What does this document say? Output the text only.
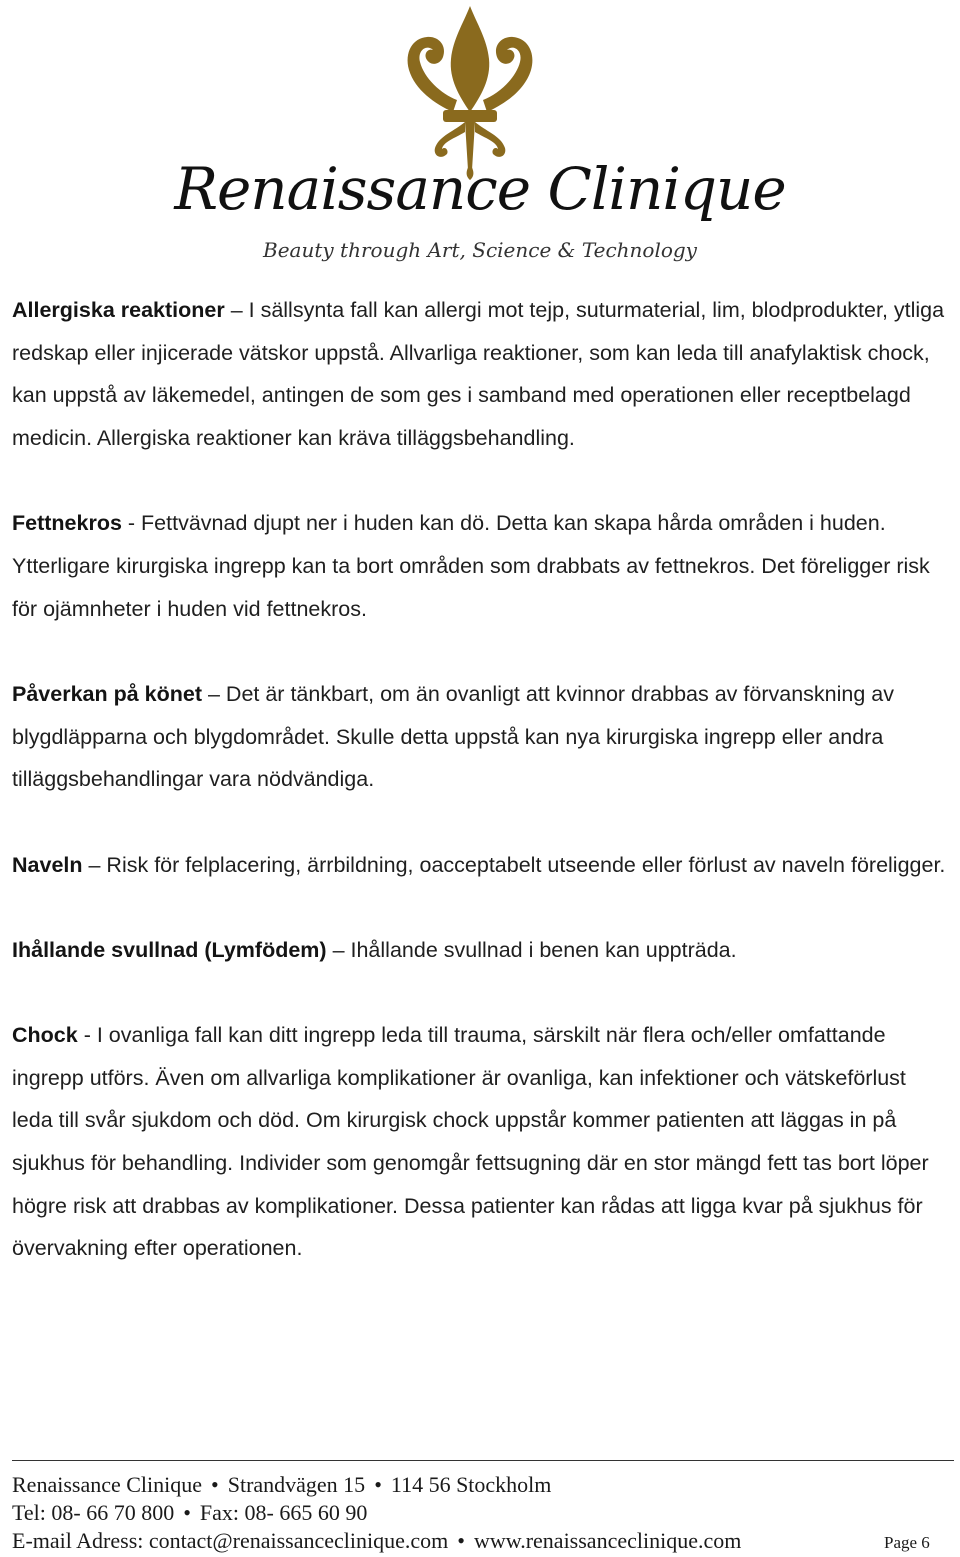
Renaissance Clinique
Beauty through Art, Science & Technology

Allergiska reaktioner – I sällsynta fall kan allergi mot tejp, suturmaterial, lim, blodprodukter, ytliga redskap eller injicerade vätskor uppstå. Allvarliga reaktioner, som kan leda till anafylaktisk chock, kan uppstå av läkemedel, antingen de som ges i samband med operationen eller receptbelagd medicin. Allergiska reaktioner kan kräva tilläggsbehandling.

Fettnekros - Fettvävnad djupt ner i huden kan dö. Detta kan skapa hårda områden i huden. Ytterligare kirurgiska ingrepp kan ta bort områden som drabbats av fettnekros. Det föreligger risk för ojämnheter i huden vid fettnekros.

Påverkan på könet – Det är tänkbart, om än ovanligt att kvinnor drabbas av förvanskning av blygdläpparna och blygdområdet. Skulle detta uppstå kan nya kirurgiska ingrepp eller andra tilläggsbehandlingar vara nödvändiga.

Naveln – Risk för felplacering, ärrbildning, oacceptabelt utseende eller förlust av naveln föreligger.

Ihållande svullnad (Lymfödem) – Ihållande svullnad i benen kan uppträda.

Chock - I ovanliga fall kan ditt ingrepp leda till trauma, särskilt när flera och/eller omfattande ingrepp utförs. Även om allvarliga komplikationer är ovanliga, kan infektioner och vätskeförlust leda till svår sjukdom och död. Om kirurgisk chock uppstår kommer patienten att läggas in på sjukhus för behandling. Individer som genomgår fettsugning där en stor mängd fett tas bort löper högre risk att drabbas av komplikationer. Dessa patienter kan rådas att ligga kvar på sjukhus för övervakning efter operationen.

Renaissance Clinique • Strandvägen 15 • 114 56 Stockholm
Tel: 08- 66 70 800 • Fax: 08- 665 60 90
E-mail Adress: contact@renaissanceclinique.com • www.renaissanceclinique.com	Page 6
